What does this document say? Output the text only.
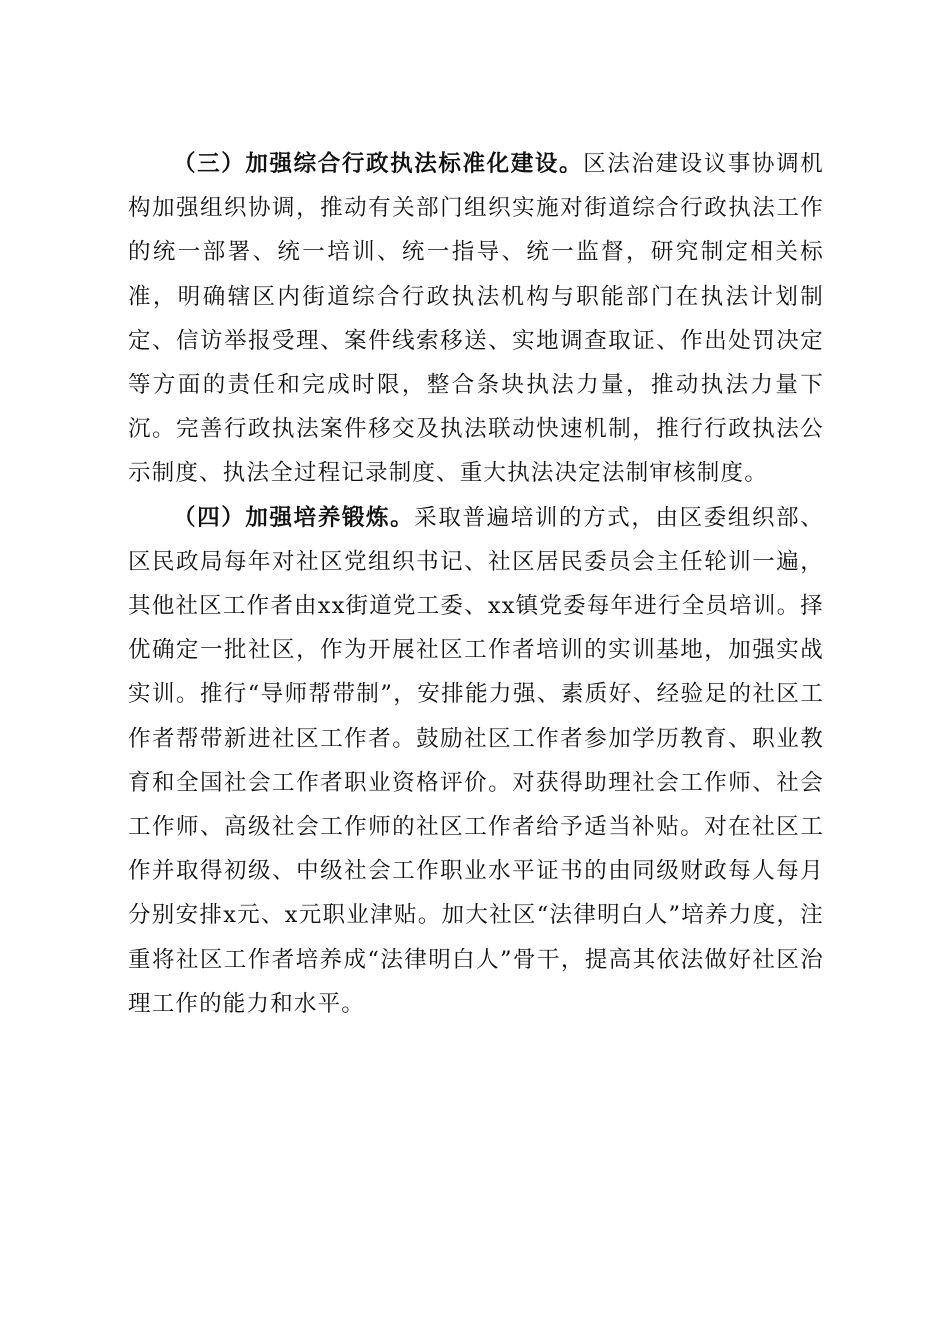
（三）加强综合行政执法标准化建设。区法治建设议事协调机构加强组织协调，推动有关部门组织实施对街道综合行政执法工作的统一部署、统一培训、统一指导、统一监督，研究制定相关标准，明确辖区内街道综合行政执法机构与职能部门在执法计划制定、信访举报受理、案件线索移送、实地调查取证、作出处罚决定等方面的责任和完成时限，整合条块执法力量，推动执法力量下沉。完善行政执法案件移交及执法联动快速机制，推行行政执法公示制度、执法全过程记录制度、重大执法决定法制审核制度。

（四）加强培养锻炼。采取普遍培训的方式，由区委组织部、区民政局每年对社区党组织书记、社区居民委员会主任轮训一遍，其他社区工作者由xx街道党工委、xx镇党委每年进行全员培训。择优确定一批社区，作为开展社区工作者培训的实训基地，加强实战实训。推行“导师帮带制”，安排能力强、素质好、经验足的社区工作者帮带新进社区工作者。鼓励社区工作者参加学历教育、职业教育和全国社会工作者职业资格评价。对获得助理社会工作师、社会工作师、高级社会工作师的社区工作者给予适当补贴。对在社区工作并取得初级、中级社会工作职业水平证书的由同级财政每人每月分别安排x元、x元职业津贴。加大社区“法律明白人”培养力度，注重将社区工作者培养成“法律明白人”骨干，提高其依法做好社区治理工作的能力和水平。
